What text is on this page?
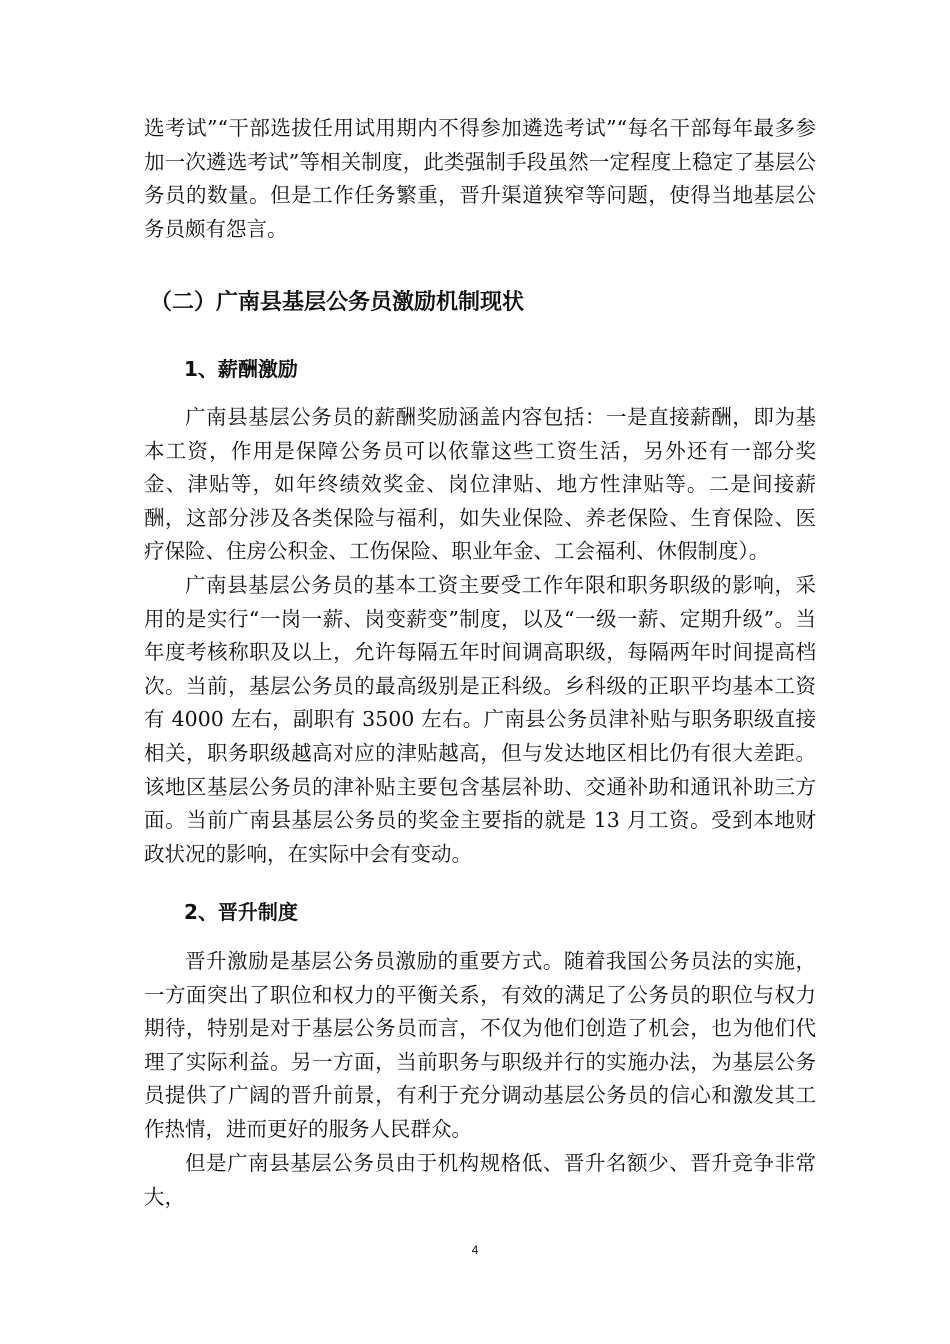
选考试”“干部选拔任用试用期内不得参加遴选考试”“每名干部每年最多参加一次遴选考试”等相关制度，此类强制手段虽然一定程度上稳定了基层公务员的数量。但是工作任务繁重，晋升渠道狭窄等问题，使得当地基层公务员颇有怨言。

（二）广南县基层公务员激励机制现状
1、薪酬激励

广南县基层公务员的薪酬奖励涵盖内容包括：一是直接薪酬，即为基本工资，作用是保障公务员可以依靠这些工资生活，另外还有一部分奖金、津贴等，如年终绩效奖金、岗位津贴、地方性津贴等。二是间接薪酬，这部分涉及各类保险与福利，如失业保险、养老保险、生育保险、医疗保险、住房公积金、工伤保险、职业年金、工会福利、休假制度）。

广南县基层公务员的基本工资主要受工作年限和职务职级的影响，采用的是实行“一岗一薪、岗变薪变”制度，以及“一级一薪、定期升级”。当年度考核称职及以上，允许每隔五年时间调高职级，每隔两年时间提高档次。当前，基层公务员的最高级别是正科级。乡科级的正职平均基本工资有 4000 左右，副职有 3500 左右。广南县公务员津补贴与职务职级直接相关，职务职级越高对应的津贴越高，但与发达地区相比仍有很大差距。该地区基层公务员的津补贴主要包含基层补助、交通补助和通讯补助三方面。当前广南县基层公务员的奖金主要指的就是 13 月工资。受到本地财政状况的影响，在实际中会有变动。

2、晋升制度

晋升激励是基层公务员激励的重要方式。随着我国公务员法的实施，一方面突出了职位和权力的平衡关系，有效的满足了公务员的职位与权力期待，特别是对于基层公务员而言，不仅为他们创造了机会，也为他们代理了实际利益。另一方面，当前职务与职级并行的实施办法，为基层公务员提供了广阔的晋升前景，有利于充分调动基层公务员的信心和激发其工作热情，进而更好的服务人民群众。

但是广南县基层公务员由于机构规格低、晋升名额少、晋升竞争非常大，

4
